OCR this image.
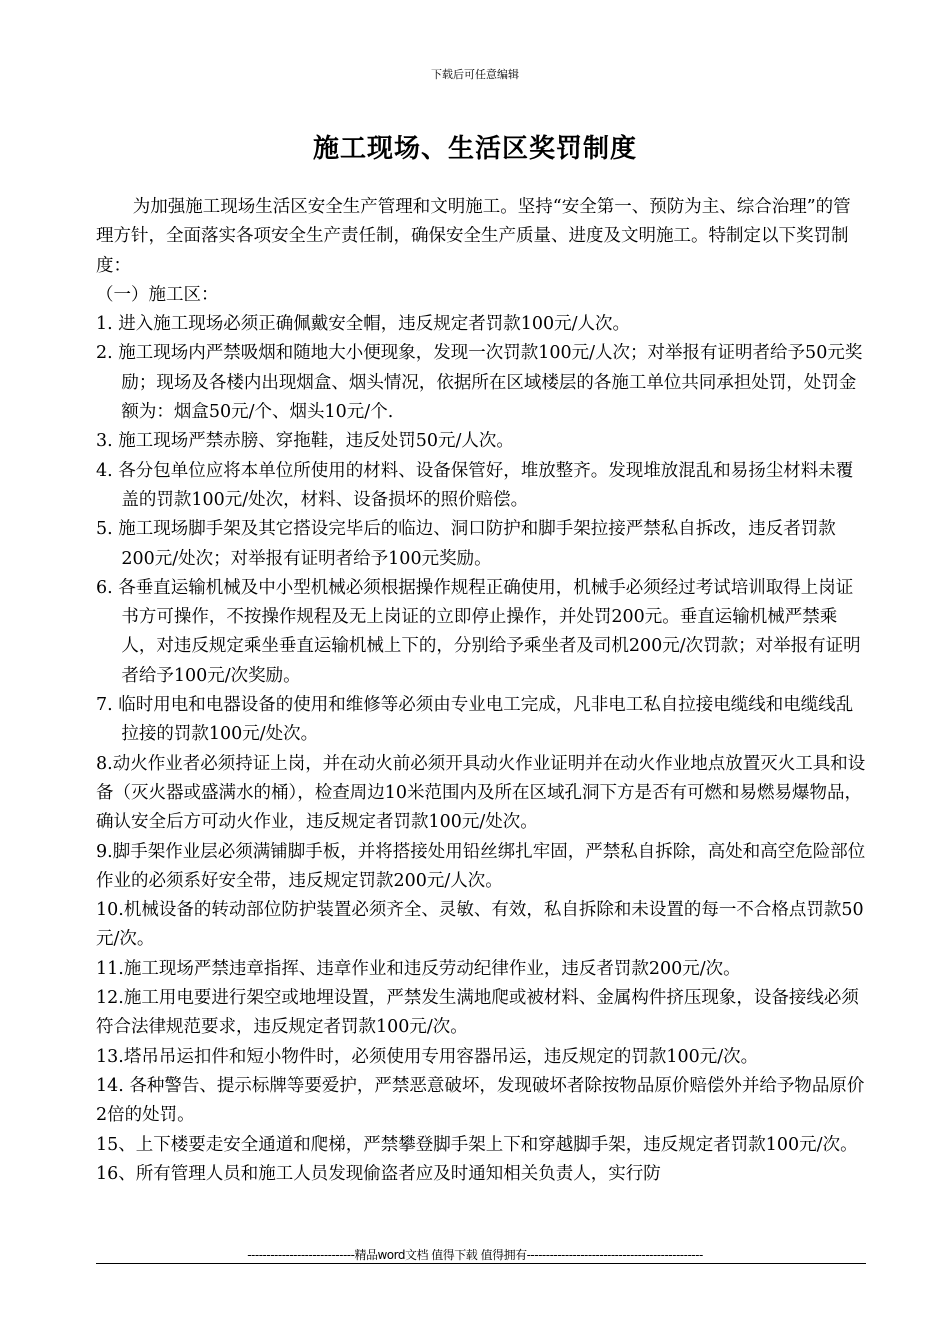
下载后可任意编辑
施工现场、生活区奖罚制度

为加强施工现场生活区安全生产管理和文明施工。坚持“安全第一、预防为主、综合治理”的管理方针，全面落实各项安全生产责任制，确保安全生产质量、进度及文明施工。特制定以下奖罚制度：

（一）施工区：

1. 进入施工现场必须正确佩戴安全帽，违反规定者罚款100元/人次。

2. 施工现场内严禁吸烟和随地大小便现象，发现一次罚款100元/人次；对举报有证明者给予50元奖励；现场及各楼内出现烟盒、烟头情况，依据所在区域楼层的各施工单位共同承担处罚，处罚金额为：烟盒50元/个、烟头10元/个.

3. 施工现场严禁赤膀、穿拖鞋，违反处罚50元/人次。

4. 各分包单位应将本单位所使用的材料、设备保管好，堆放整齐。发现堆放混乱和易扬尘材料未覆盖的罚款100元/处次，材料、设备损坏的照价赔偿。

5. 施工现场脚手架及其它搭设完毕后的临边、洞口防护和脚手架拉接严禁私自拆改，违反者罚款200元/处次；对举报有证明者给予100元奖励。

6. 各垂直运输机械及中小型机械必须根据操作规程正确使用，机械手必须经过考试培训取得上岗证书方可操作，不按操作规程及无上岗证的立即停止操作，并处罚200元。垂直运输机械严禁乘人，对违反规定乘坐垂直运输机械上下的，分别给予乘坐者及司机200元/次罚款；对举报有证明者给予100元/次奖励。

7. 临时用电和电器设备的使用和维修等必须由专业电工完成，凡非电工私自拉接电缆线和电缆线乱拉接的罚款100元/处次。

8.动火作业者必须持证上岗，并在动火前必须开具动火作业证明并在动火作业地点放置灭火工具和设备（灭火器或盛满水的桶），检查周边10米范围内及所在区域孔洞下方是否有可燃和易燃易爆物品，确认安全后方可动火作业，违反规定者罚款100元/处次。

9.脚手架作业层必须满铺脚手板，并将搭接处用铅丝绑扎牢固，严禁私自拆除，高处和高空危险部位作业的必须系好安全带，违反规定罚款200元/人次。

10.机械设备的转动部位防护装置必须齐全、灵敏、有效，私自拆除和未设置的每一不合格点罚款50元/次。

11.施工现场严禁违章指挥、违章作业和违反劳动纪律作业，违反者罚款200元/次。

12.施工用电要进行架空或地埋设置，严禁发生满地爬或被材料、金属构件挤压现象，设备接线必须符合法律规范要求，违反规定者罚款100元/次。

13.塔吊吊运扣件和短小物件时，必须使用专用容器吊运，违反规定的罚款100元/次。

14. 各种警告、提示标牌等要爱护，严禁恶意破坏，发现破坏者除按物品原价赔偿外并给予物品原价2倍的处罚。

15、上下楼要走安全通道和爬梯，严禁攀登脚手架上下和穿越脚手架，违反规定者罚款100元/次。

16、所有管理人员和施工人员发现偷盗者应及时通知相关负责人，实行防

----------------------------精品word文档 值得下载 值得拥有----------------------------------------------
